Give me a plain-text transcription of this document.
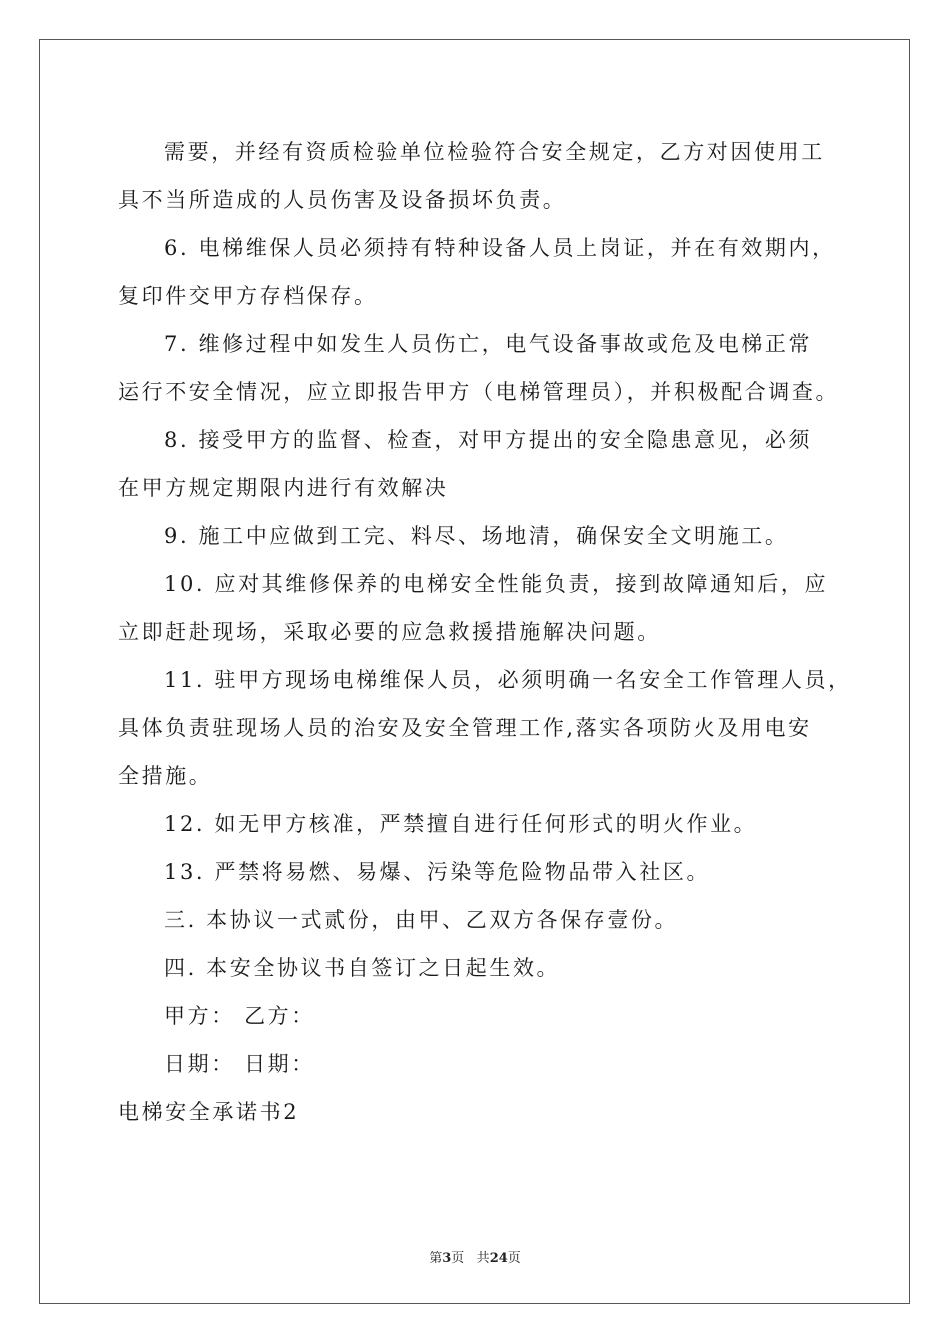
需要，并经有资质检验单位检验符合安全规定，乙方对因使用工
具不当所造成的人员伤害及设备损坏负责。
6. 电梯维保人员必须持有特种设备人员上岗证，并在有效期内，
复印件交甲方存档保存。
7. 维修过程中如发生人员伤亡，电气设备事故或危及电梯正常
运行不安全情况，应立即报告甲方（电梯管理员），并积极配合调查。
8. 接受甲方的监督、检查，对甲方提出的安全隐患意见，必须
在甲方规定期限内进行有效解决
9. 施工中应做到工完、料尽、场地清，确保安全文明施工。
10. 应对其维修保养的电梯安全性能负责，接到故障通知后，应
立即赶赴现场，采取必要的应急救援措施解决问题。
11. 驻甲方现场电梯维保人员，必须明确一名安全工作管理人员，
具体负责驻现场人员的治安及安全管理工作,落实各项防火及用电安
全措施。
12. 如无甲方核准，严禁擅自进行任何形式的明火作业。
13. 严禁将易燃、易爆、污染等危险物品带入社区。
三. 本协议一式贰份，由甲、乙双方各保存壹份。
四. 本安全协议书自签订之日起生效。
甲方： 乙方：
日期： 日期：
电梯安全承诺书2
第3页 共24页
